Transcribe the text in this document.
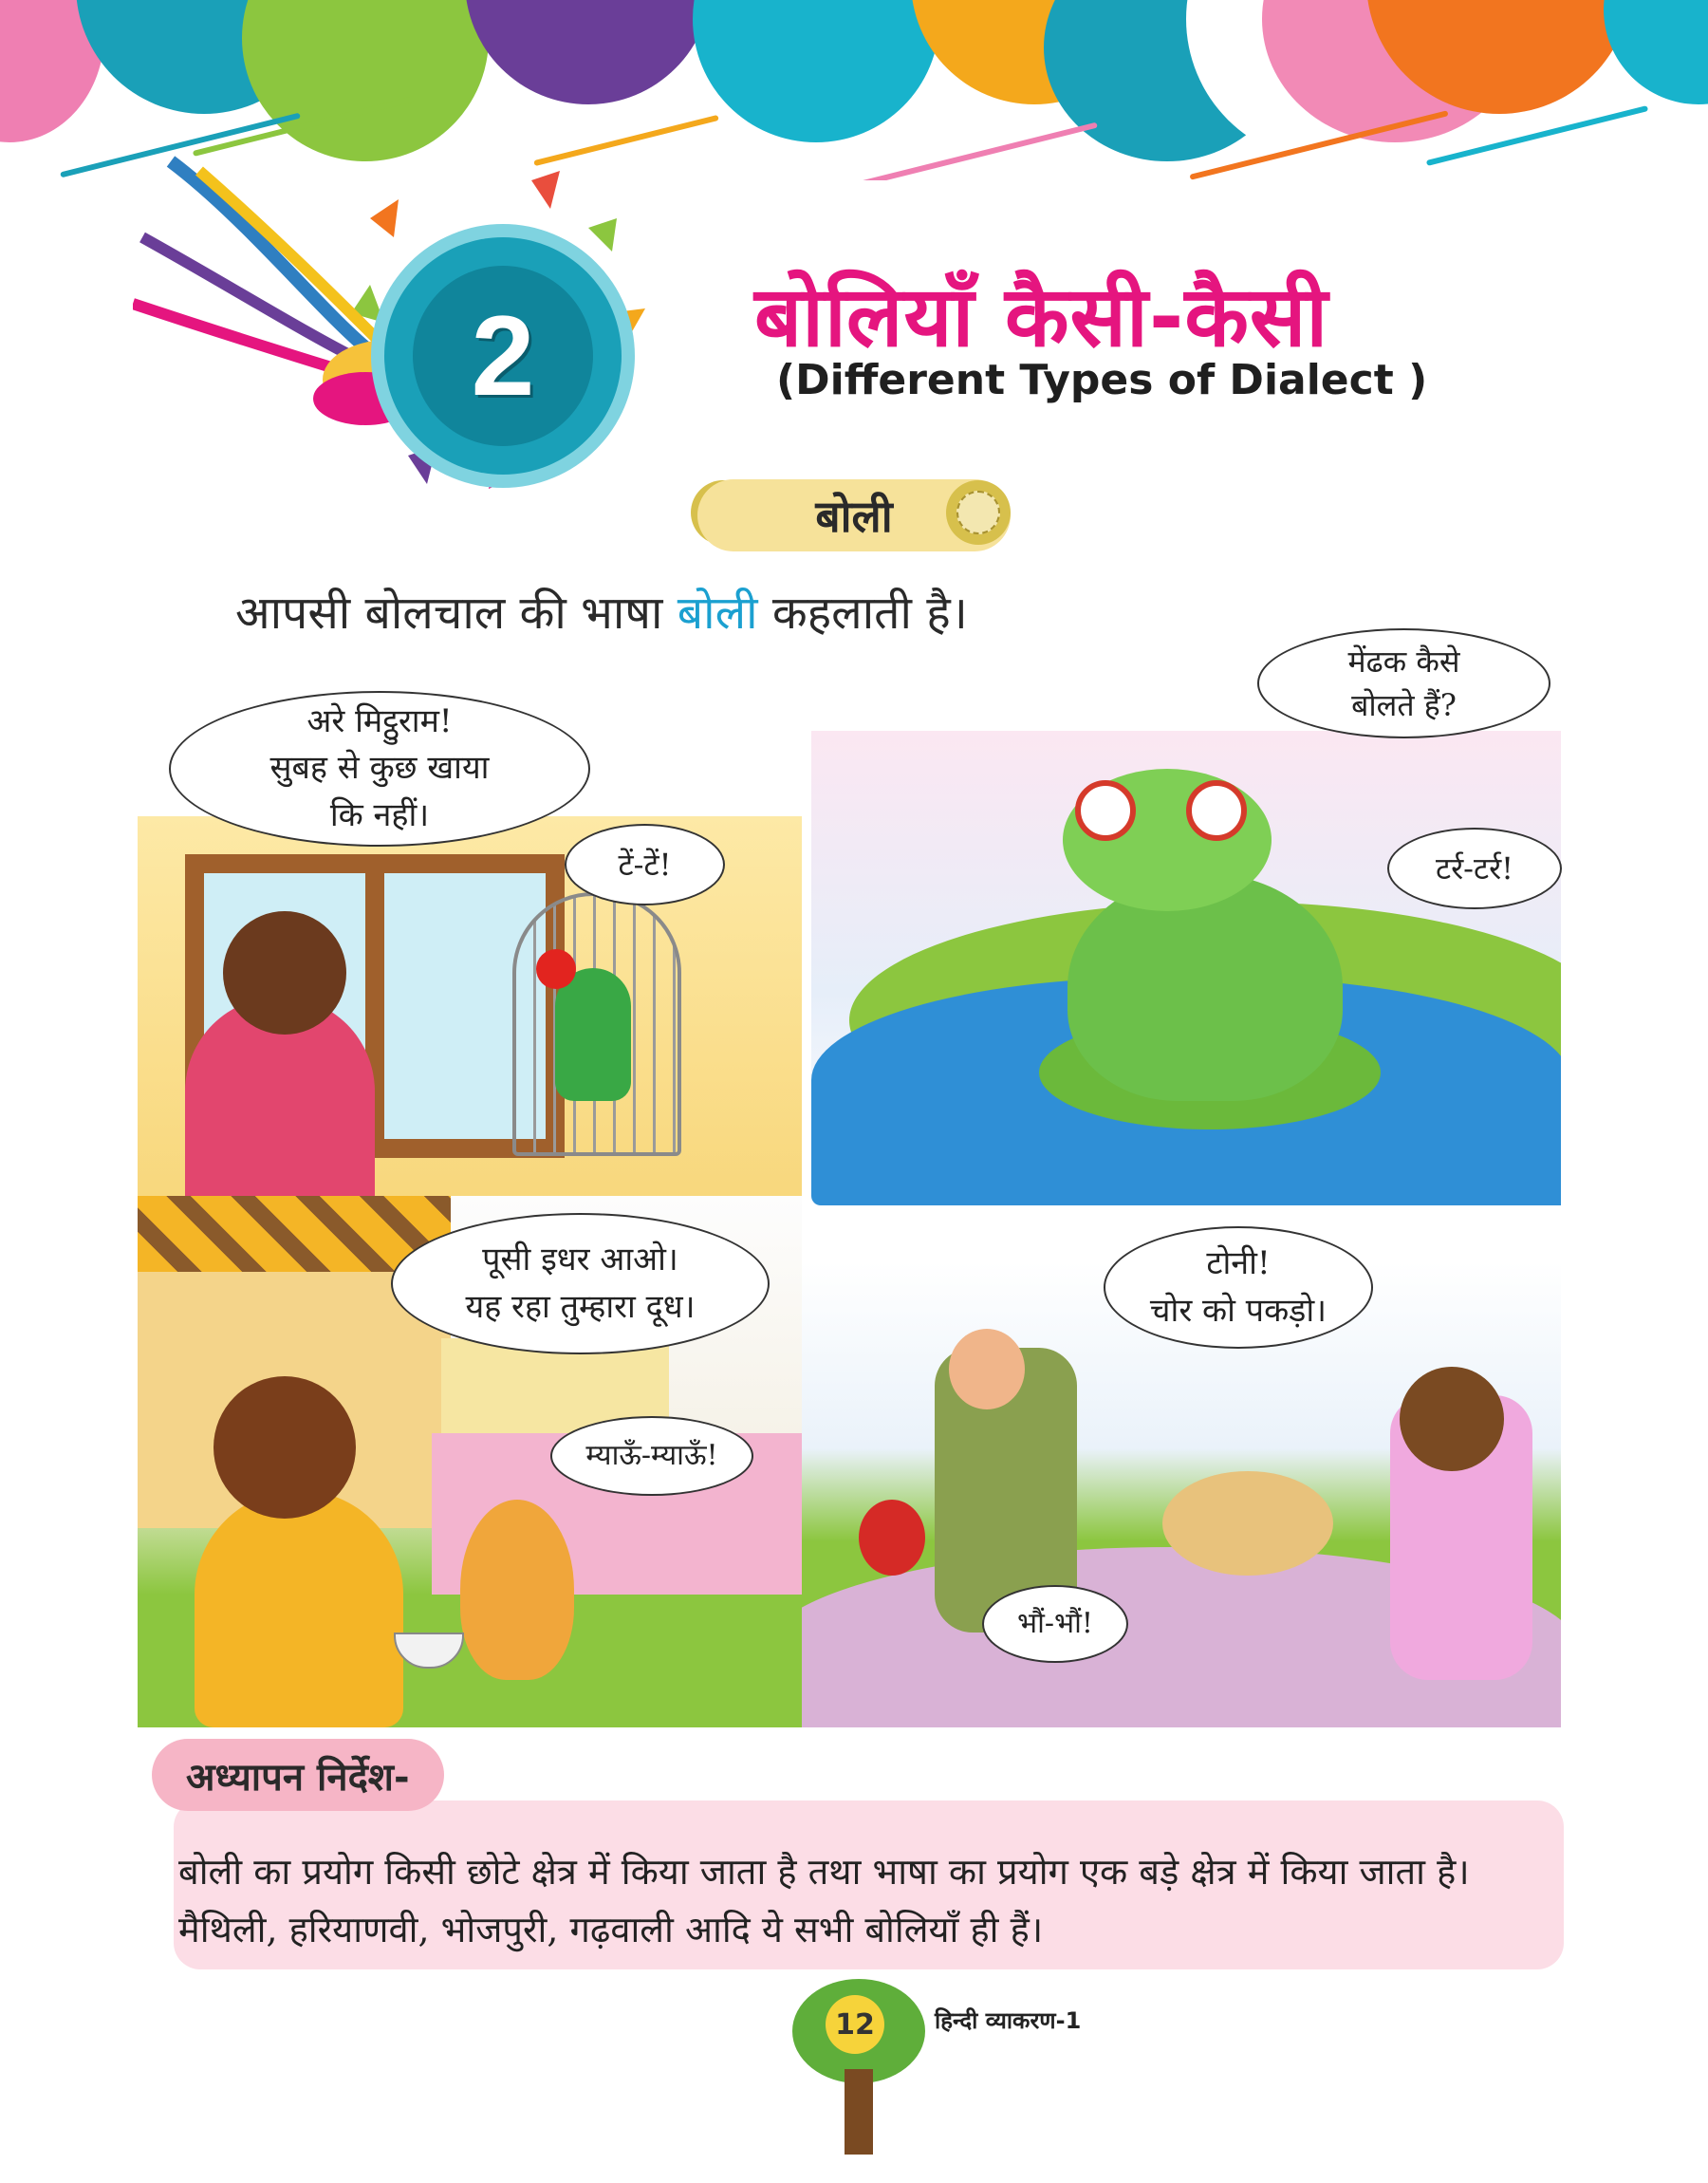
2	बोलियाँ कैसी-कैसी
(Different Types of Dialect )
बोली
आपसी बोलचाल की भाषा बोली कहलाती है।
अरे मिट्ठुराम!
सुबह से कुछ खाया
कि नहीं।
टें-टें!
मेंढक कैसे
बोलते हैं?
टर्र-टर्र!
पूसी इधर आओ।
यह रहा तुम्हारा दूध।
म्याऊँ-म्याऊँ!
टोनी!
चोर को पकड़ो।
भौं-भौं!
अध्यापन निर्देश-
बोली का प्रयोग किसी छोटे क्षेत्र में किया जाता है तथा भाषा का प्रयोग एक बड़े क्षेत्र में किया जाता है। मैथिली, हरियाणवी, भोजपुरी, गढ़वाली आदि ये सभी बोलियाँ ही हैं।
12	हिन्दी व्याकरण-1
